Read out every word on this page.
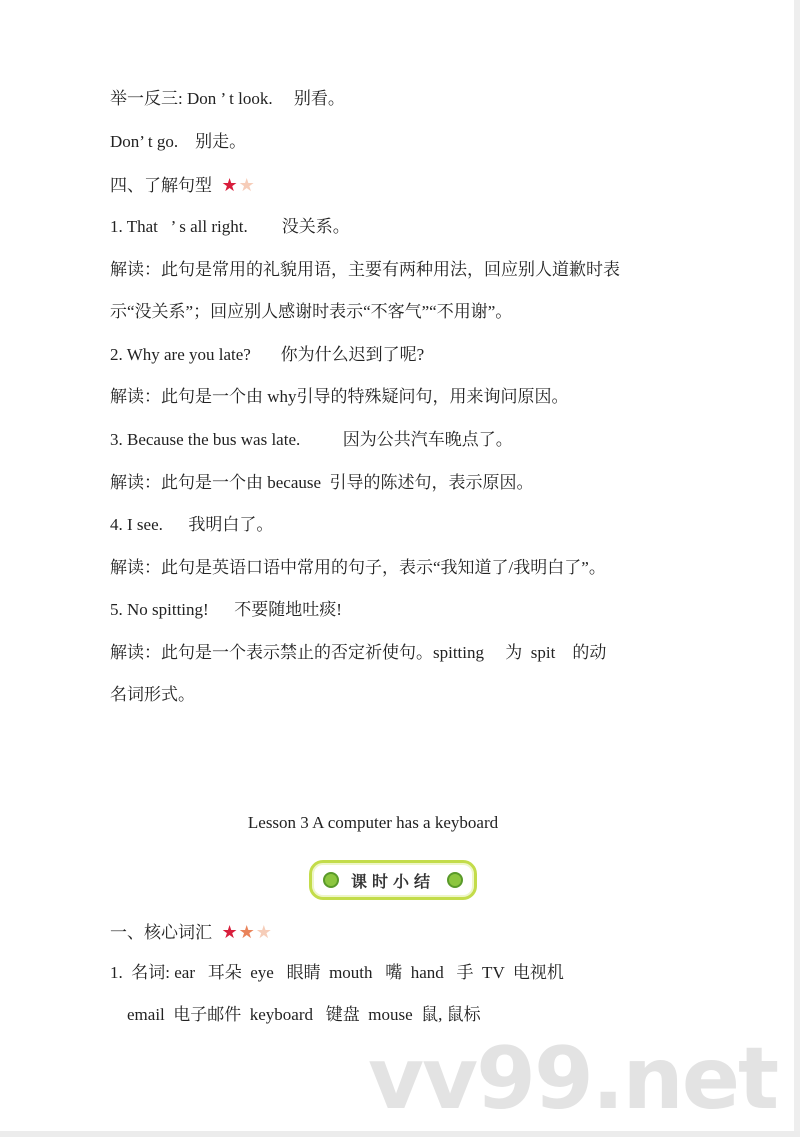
举一反三: Don ’ t look.     别看。
Don’ t go.    别走。
四、了解句型 ★★
1. That   ’ s all right.        没关系。
解读：此句是常用的礼貌用语，主要有两种用法，回应别人道歉时表
示“没关系”；回应别人感谢时表示“不客气”“不用谢”。
2. Why are you late?       你为什么迟到了呢?
解读：此句是一个由 why引导的特殊疑问句，用来询问原因。
3. Because the bus was late.          因为公共汽车晚点了。
解读：此句是一个由 because  引导的陈述句，表示原因。
4. I see.      我明白了。
解读：此句是英语口语中常用的句子，表示“我知道了/我明白了”。
5. No spitting!      不要随地吐痰!
解读：此句是一个表示禁止的否定祈使句。spitting     为  spit    的动
名词形式。
Lesson 3 A computer has a keyboard
课时小结
一、核心词汇 ★★★
1.  名词: ear   耳朵  eye   眼睛  mouth   嘴  hand   手  TV  电视机
email  电子邮件  keyboard   键盘  mouse  鼠, 鼠标
vv99.net
